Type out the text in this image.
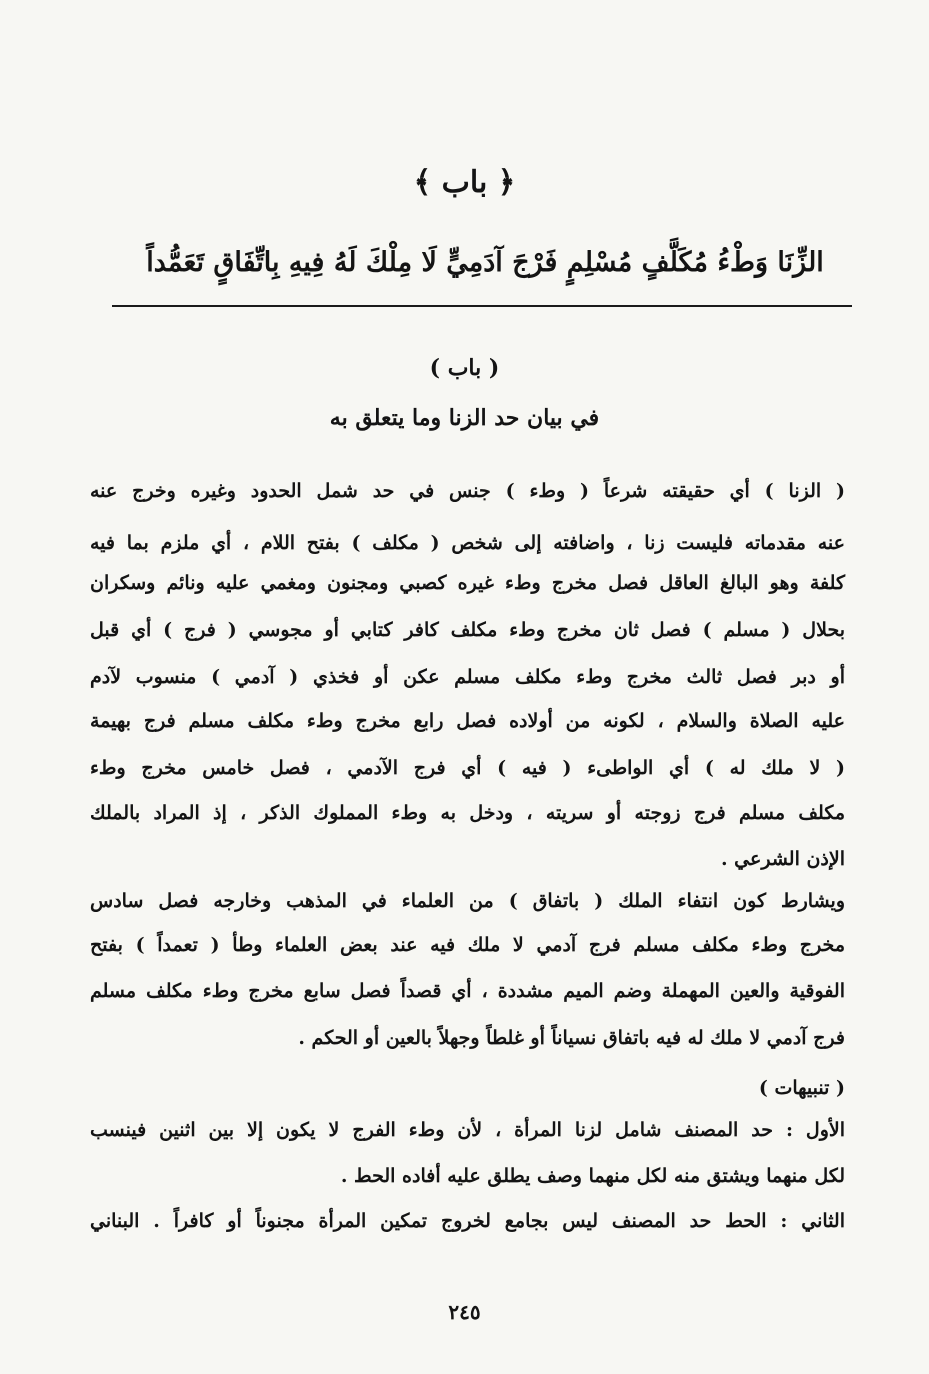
﴿ باب ﴾
الزِّنَا وَطْءُ مُكَلَّفٍ مُسْلِمٍ فَرْجَ آدَمِيٍّ لَا مِلْكَ لَهُ فِيهِ بِاتِّفَاقٍ تَعَمُّداً
( باب )
في بيان حد الزنا وما يتعلق به
( الزنا ) أي حقيقته شرعاً ( وطء ) جنس في حد شمل الحدود وغيره وخرج عنه
عنه مقدماته فليست زنا ، واضافته إلى شخص ( مكلف ) بفتح اللام ، أي ملزم بما فيه
كلفة وهو البالغ العاقل فصل مخرج وطء غيره كصبي ومجنون ومغمي عليه ونائم وسكران
بحلال ( مسلم ) فصل ثان مخرج وطء مكلف كافر كتابي أو مجوسي ( فرج ) أي قبل
أو دبر فصل ثالث مخرج وطء مكلف مسلم عكن أو فخذي ( آدمي ) منسوب لآدم
عليه الصلاة والسلام ، لكونه من أولاده فصل رابع مخرج وطء مكلف مسلم فرج بهيمة
( لا ملك له ) أي الواطىء ( فيه ) أي فرج الآدمي ، فصل خامس مخرج وطء
مكلف مسلم فرج زوجته أو سريته ، ودخل به وطء المملوك الذكر ، إذ المراد بالملك
الإذن الشرعي .
ويشارط كون انتفاء الملك ( باتفاق ) من العلماء في المذهب وخارجه فصل سادس
مخرج وطء مكلف مسلم فرج آدمي لا ملك فيه عند بعض العلماء وطأ ( تعمداً ) بفتح
الفوقية والعين المهملة وضم الميم مشددة ، أي قصداً فصل سابع مخرج وطء مكلف مسلم
فرج آدمي لا ملك له فيه باتفاق نسياناً أو غلطاً وجهلاً بالعين أو الحكم .
( تنبيهات )
الأول : حد المصنف شامل لزنا المرأة ، لأن وطء الفرج لا يكون إلا بين اثنين فينسب
لكل منهما ويشتق منه لكل منهما وصف يطلق عليه أفاده الحط .
الثاني : الحط حد المصنف ليس بجامع لخروج تمكين المرأة مجنوناً أو كافراً . البناني
٢٤٥
